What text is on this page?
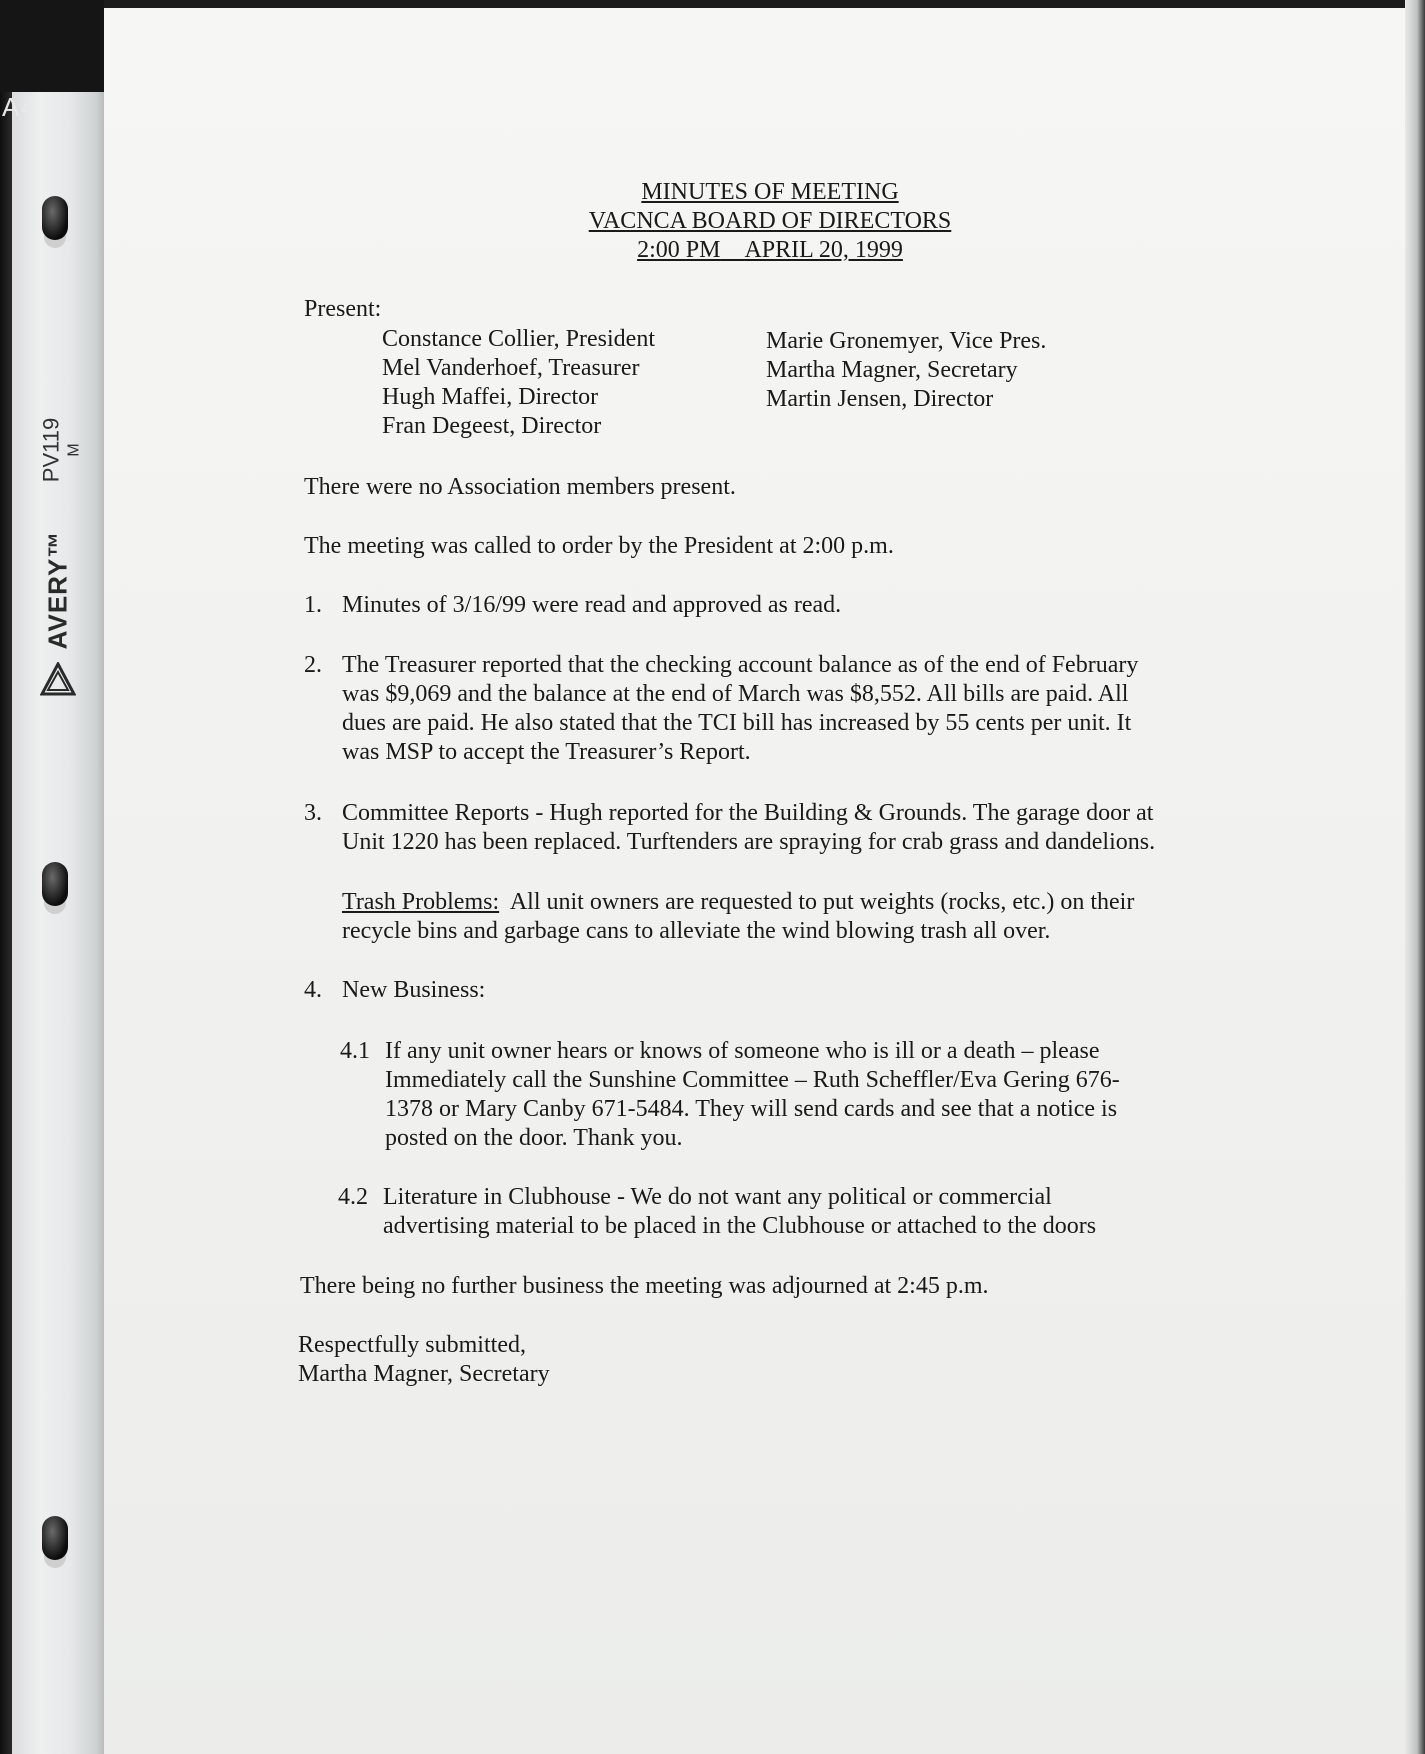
A4
PV119 M
AVERY™
MINUTES OF MEETING
VACNCA BOARD OF DIRECTORS
2:00 PM APRIL 20, 1999
Present:
Constance Collier, President
Mel Vanderhoef, Treasurer
Hugh Maffei, Director
Fran Degeest, Director
Marie Gronemyer, Vice Pres.
Martha Magner, Secretary
Martin Jensen, Director
There were no Association members present.
The meeting was called to order by the President at 2:00 p.m.
1. Minutes of 3/16/99 were read and approved as read.
2. The Treasurer reported that the checking account balance as of the end of February
was $9,069 and the balance at the end of March was $8,552. All bills are paid. All
dues are paid. He also stated that the TCI bill has increased by 55 cents per unit. It
was MSP to accept the Treasurer’s Report.
3. Committee Reports - Hugh reported for the Building & Grounds. The garage door at
Unit 1220 has been replaced. Turftenders are spraying for crab grass and dandelions.
Trash Problems:  All unit owners are requested to put weights (rocks, etc.) on their
recycle bins and garbage cans to alleviate the wind blowing trash all over.
4. New Business:
4.1 If any unit owner hears or knows of someone who is ill or a death – please
Immediately call the Sunshine Committee – Ruth Scheffler/Eva Gering 676-
1378 or Mary Canby 671-5484. They will send cards and see that a notice is
posted on the door. Thank you.
4.2 Literature in Clubhouse - We do not want any political or commercial
advertising material to be placed in the Clubhouse or attached to the doors
There being no further business the meeting was adjourned at 2:45 p.m.
Respectfully submitted,
Martha Magner, Secretary
